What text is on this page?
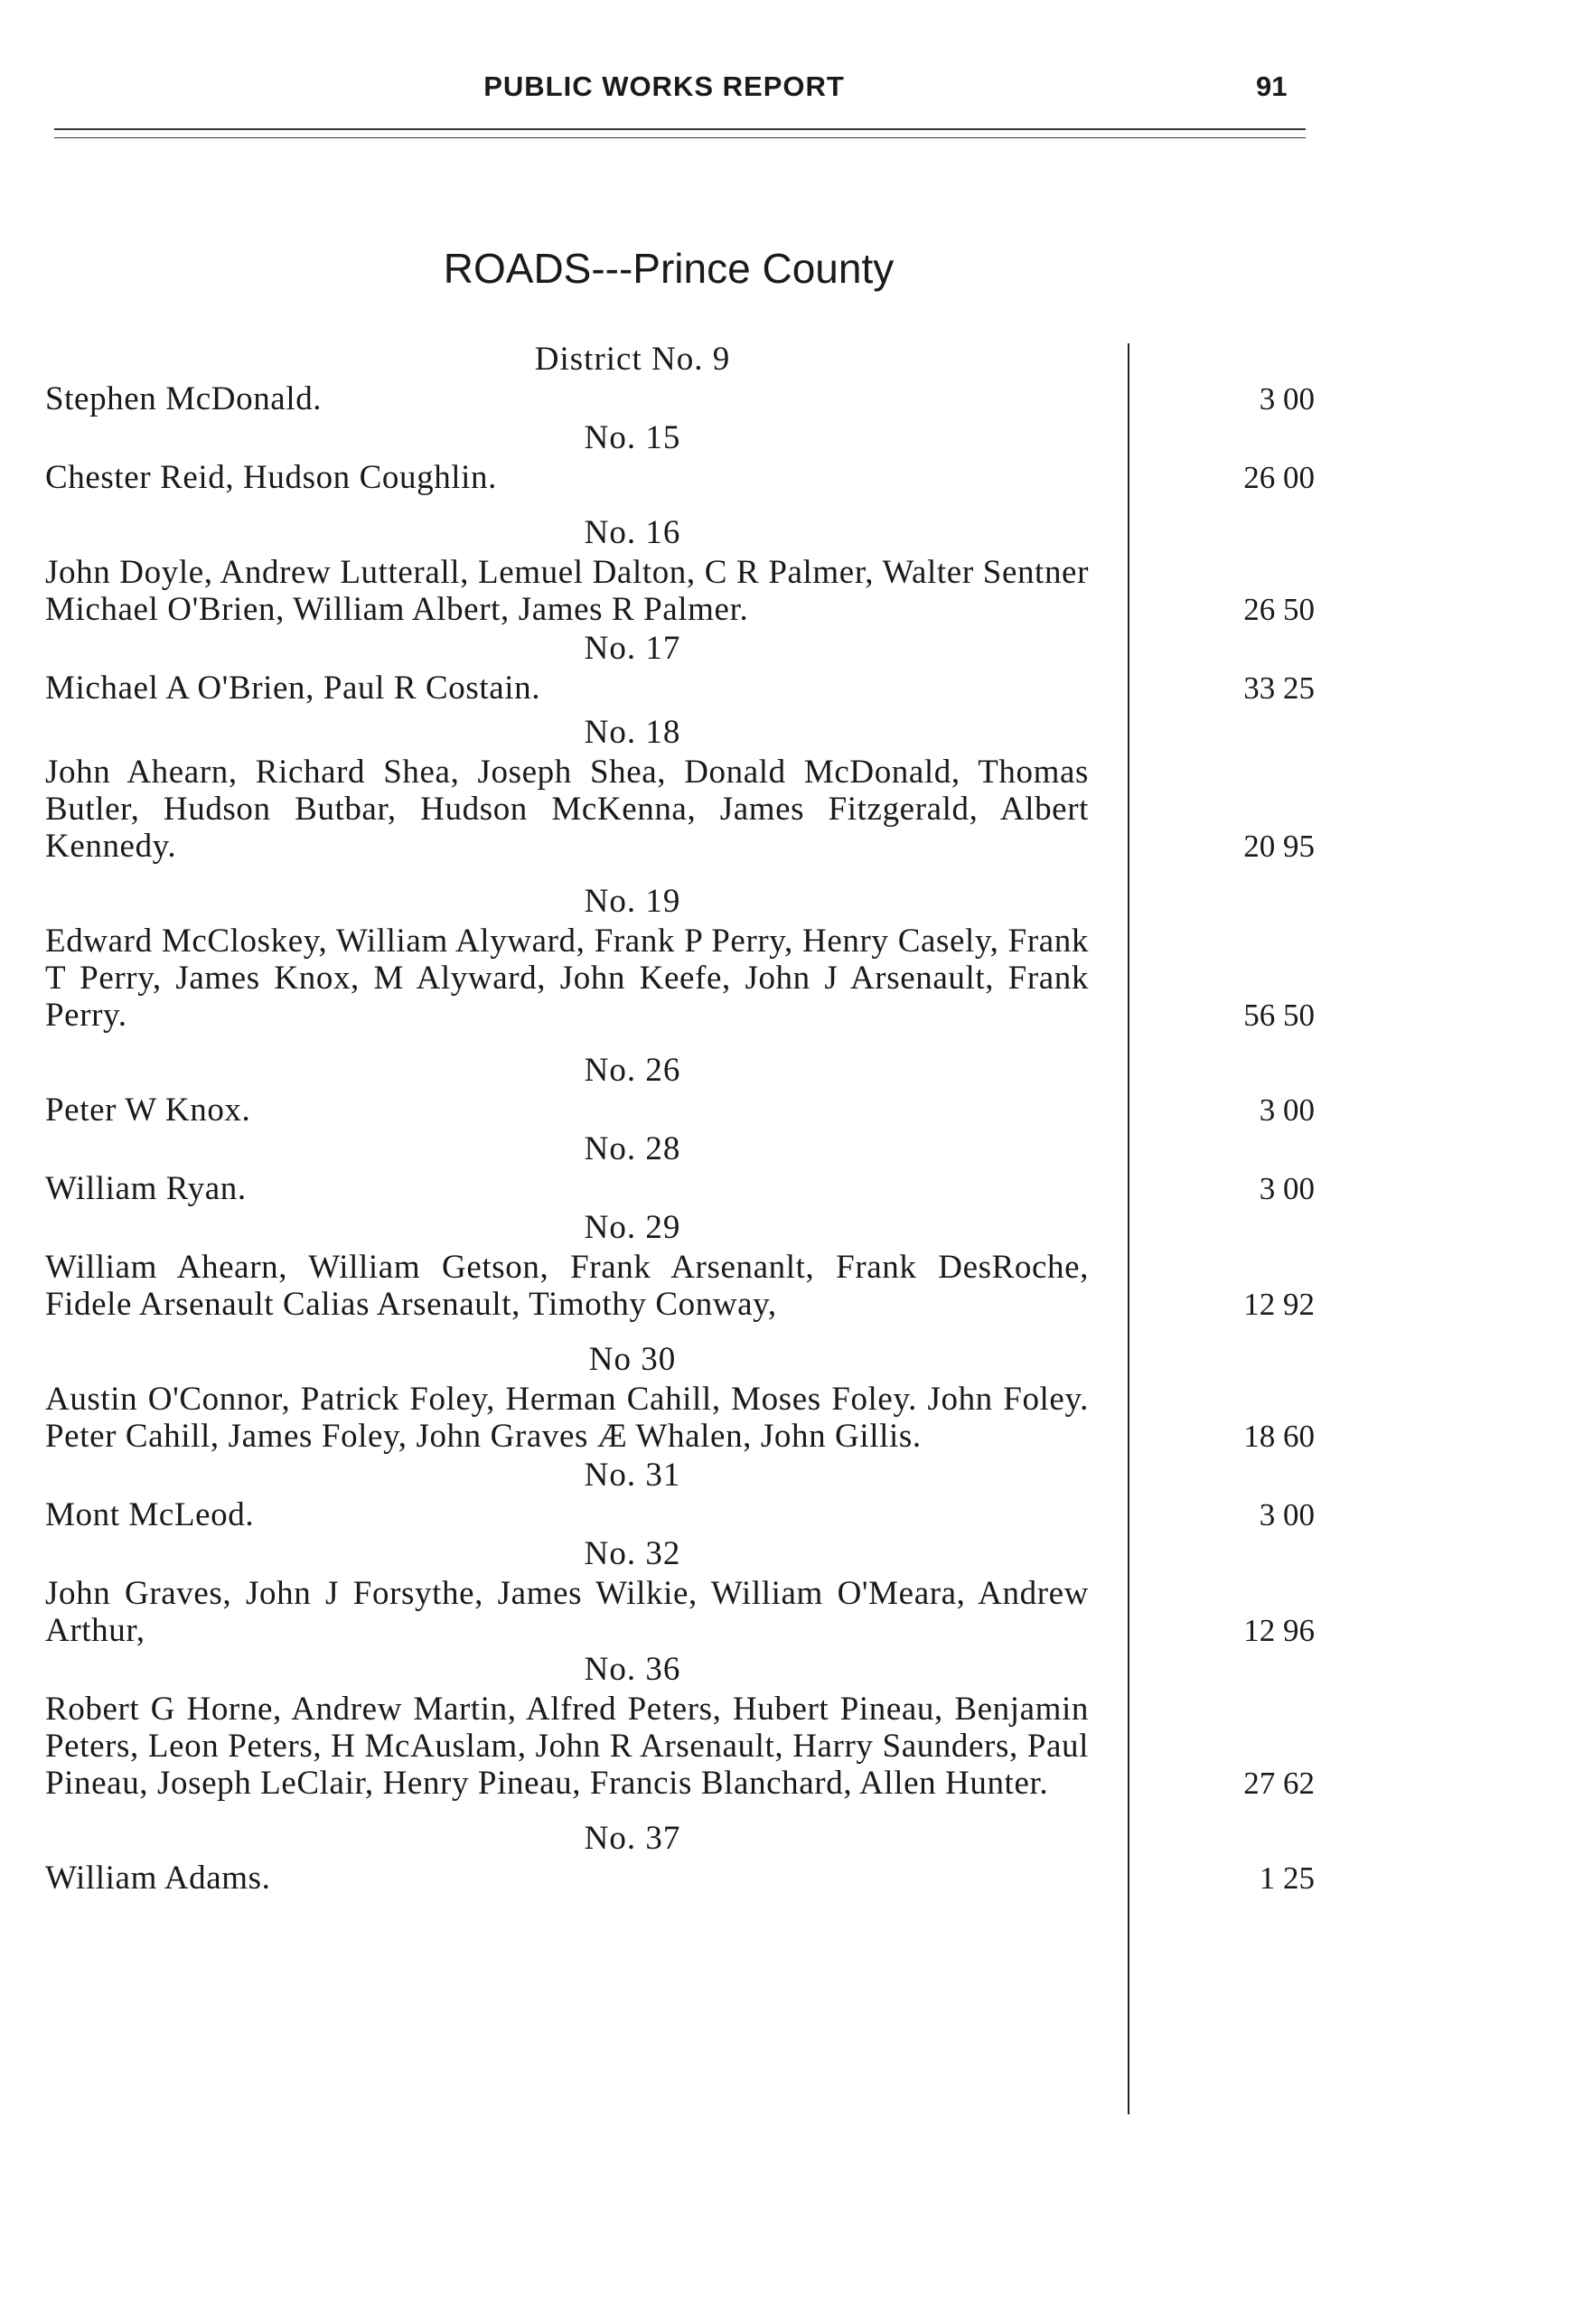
PUBLIC WORKS REPORT	91
ROADS---Prince County
District No. 9
Stephen McDonald.	3 00
No. 15
Chester Reid, Hudson Coughlin.	26 00
No. 16
John Doyle, Andrew Lutterall, Lemuel Dalton, C R Palmer, Walter Sentner Michael O'Brien, William Albert, James R Palmer.	26 50
No. 17
Michael A O'Brien, Paul R Costain.	33 25
No. 18
John Ahearn, Richard Shea, Joseph Shea, Donald McDonald, Thomas Butler, Hudson Butbar, Hudson McKenna, James Fitzgerald, Albert Kennedy.	20 95
No. 19
Edward McCloskey, William Alyward, Frank P Perry, Henry Casely, Frank T Perry, James Knox, M Alyward, John Keefe, John J Arsenault, Frank Perry.	56 50
No. 26
Peter W Knox.	3 00
No. 28
William Ryan.	3 00
No. 29
William Ahearn, William Getson, Frank Arsenanlt, Frank DesRoche, Fidele Arsenault Calias Arsenault, Timothy Conway,	12 92
No 30
Austin O'Connor, Patrick Foley, Herman Cahill, Moses Foley. John Foley. Peter Cahill, James Foley, John Graves Æ Whalen, John Gillis.	18 60
No. 31
Mont McLeod.	3 00
No. 32
John Graves, John J Forsythe, James Wilkie, William O'Meara, Andrew Arthur,	12 96
No. 36
Robert G Horne, Andrew Martin, Alfred Peters, Hubert Pineau, Benjamin Peters, Leon Peters, H McAuslam, John R Arsenault, Harry Saunders, Paul Pineau, Joseph LeClair, Henry Pineau, Francis Blanchard, Allen Hunter.	27 62
No. 37
William Adams.	1 25
